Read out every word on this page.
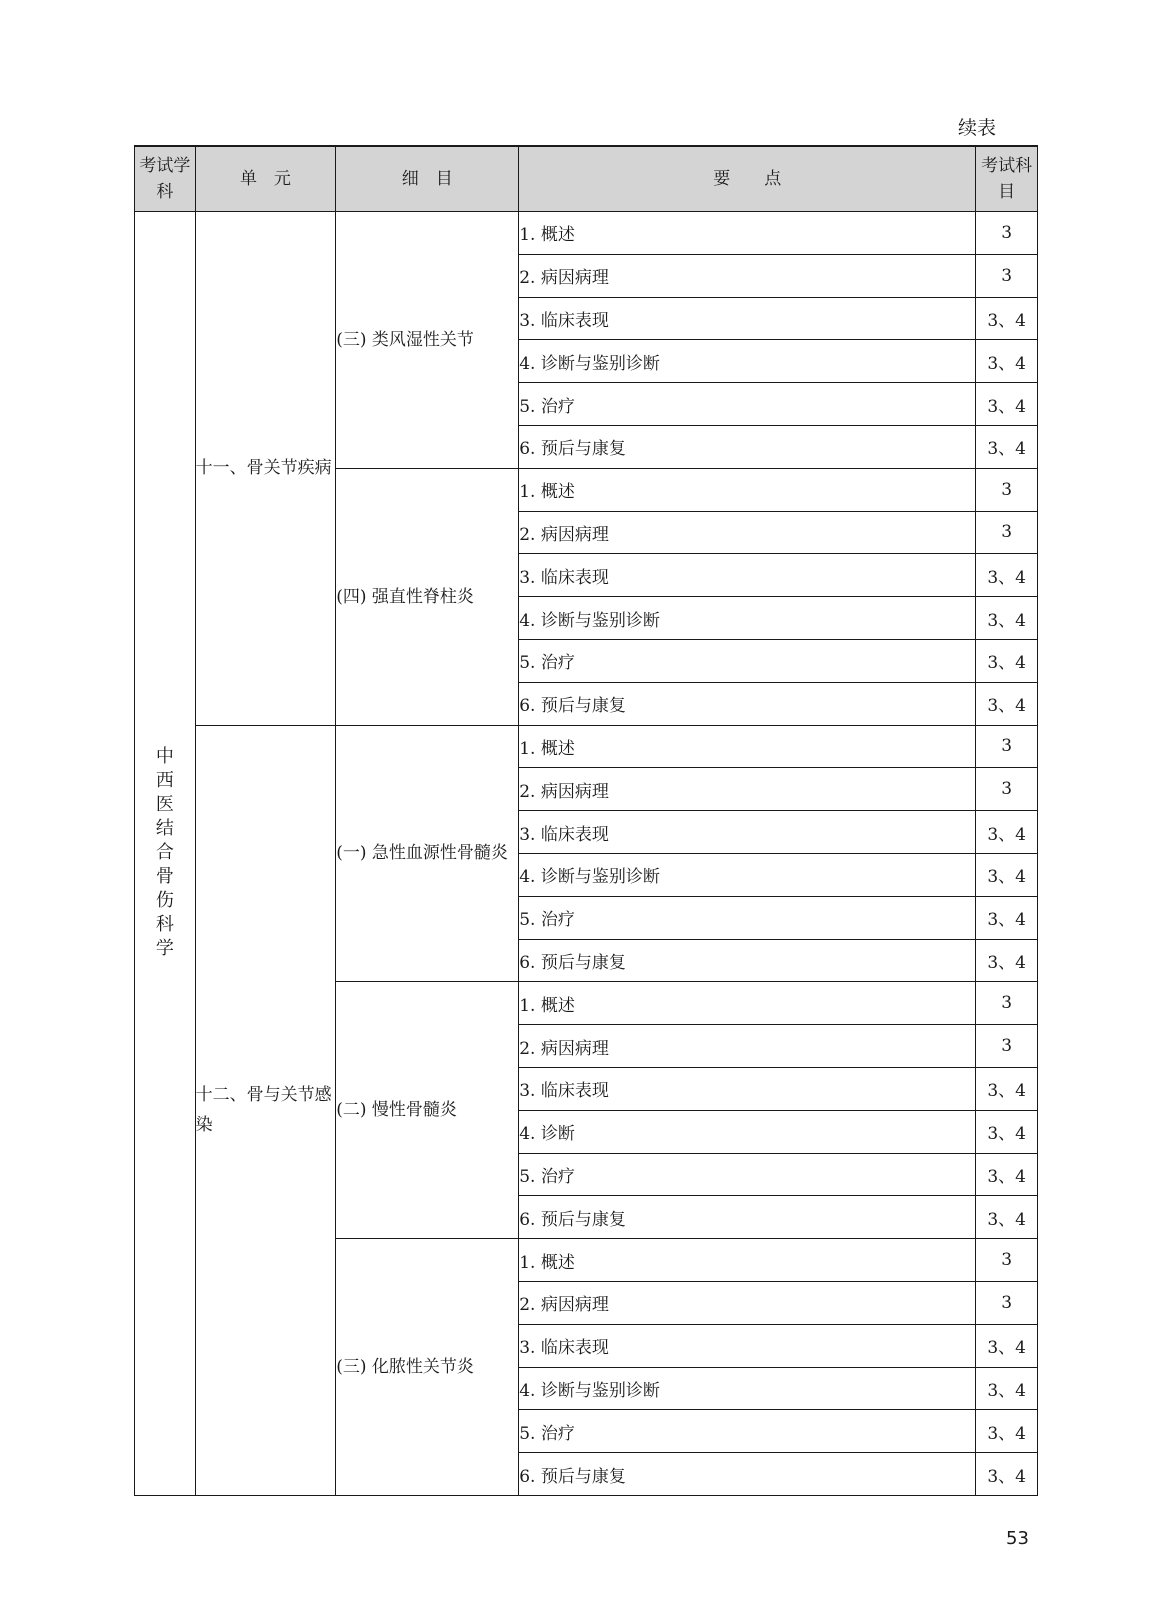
续表
考试学科	单　元	细　目	要　　点	考试科目
中西医结合骨伤科学	十一、骨关节疾病	(三) 类风湿性关节	1. 概述	3
			2. 病因病理	3
			3. 临床表现	3、4
			4. 诊断与鉴别诊断	3、4
			5. 治疗	3、4
			6. 预后与康复	3、4
		(四) 强直性脊柱炎	1. 概述	3
			2. 病因病理	3
			3. 临床表现	3、4
			4. 诊断与鉴别诊断	3、4
			5. 治疗	3、4
			6. 预后与康复	3、4
	十二、骨与关节感染	(一) 急性血源性骨髓炎	1. 概述	3
			2. 病因病理	3
			3. 临床表现	3、4
			4. 诊断与鉴别诊断	3、4
			5. 治疗	3、4
			6. 预后与康复	3、4
		(二) 慢性骨髓炎	1. 概述	3
			2. 病因病理	3
			3. 临床表现	3、4
			4. 诊断	3、4
			5. 治疗	3、4
			6. 预后与康复	3、4
		(三) 化脓性关节炎	1. 概述	3
			2. 病因病理	3
			3. 临床表现	3、4
			4. 诊断与鉴别诊断	3、4
			5. 治疗	3、4
			6. 预后与康复	3、4
53
